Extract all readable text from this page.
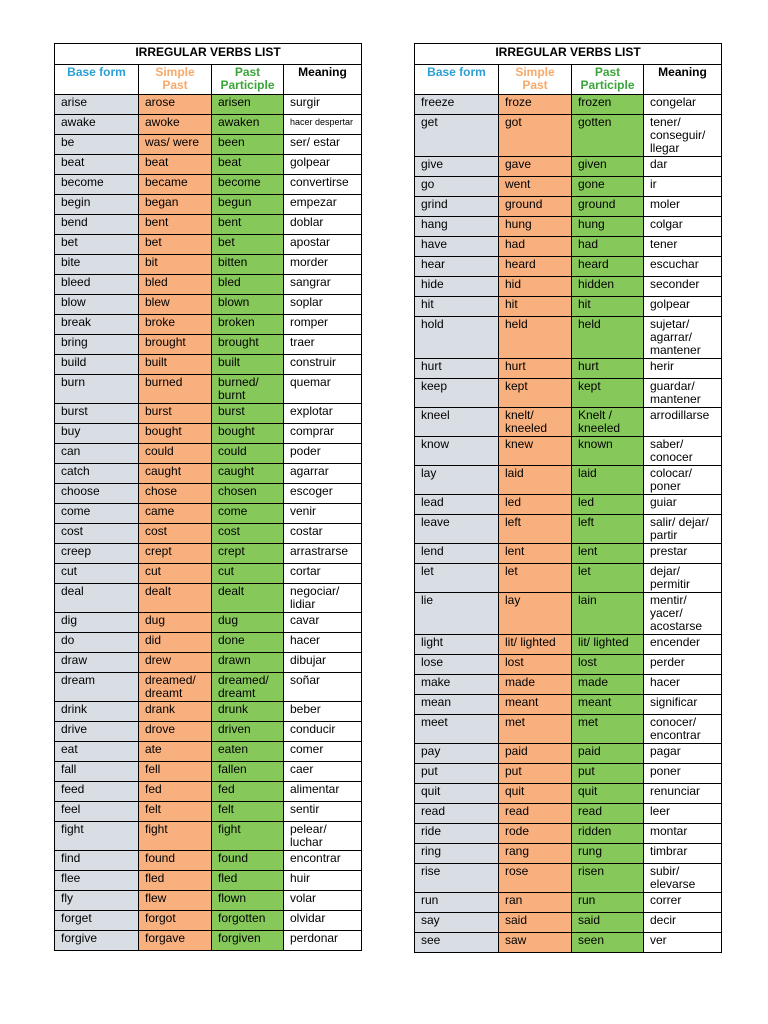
IRREGULAR VERBS LIST			
Base form	Simple Past	Past Participle	Meaning
arise	arose	arisen	surgir
awake	awoke	awaken	hacer despertar
be	was/ were	been	ser/ estar
beat	beat	beat	golpear
become	became	become	convertirse
begin	began	begun	empezar
bend	bent	bent	doblar
bet	bet	bet	apostar
bite	bit	bitten	morder
bleed	bled	bled	sangrar
blow	blew	blown	soplar
break	broke	broken	romper
bring	brought	brought	traer
build	built	built	construir
burn	burned	burned/ burnt	quemar
burst	burst	burst	explotar
buy	bought	bought	comprar
can	could	could	poder
catch	caught	caught	agarrar
choose	chose	chosen	escoger
come	came	come	venir
cost	cost	cost	costar
creep	crept	crept	arrastrarse
cut	cut	cut	cortar
deal	dealt	dealt	negociar/ lidiar
dig	dug	dug	cavar
do	did	done	hacer
draw	drew	drawn	dibujar
dream	dreamed/ dreamt	dreamed/ dreamt	soñar
drink	drank	drunk	beber
drive	drove	driven	conducir
eat	ate	eaten	comer
fall	fell	fallen	caer
feed	fed	fed	alimentar
feel	felt	felt	sentir
fight	fight	fight	pelear/ luchar
find	found	found	encontrar
flee	fled	fled	huir
fly	flew	flown	volar
forget	forgot	forgotten	olvidar
forgive	forgave	forgiven	perdonar
IRREGULAR VERBS LIST			
Base form	Simple Past	Past Participle	Meaning
freeze	froze	frozen	congelar
get	got	gotten	tener/ conseguir/ llegar
give	gave	given	dar
go	went	gone	ir
grind	ground	ground	moler
hang	hung	hung	colgar
have	had	had	tener
hear	heard	heard	escuchar
hide	hid	hidden	seconder
hit	hit	hit	golpear
hold	held	held	sujetar/ agarrar/ mantener
hurt	hurt	hurt	herir
keep	kept	kept	guardar/ mantener
kneel	knelt/ kneeled	Knelt / kneeled	arrodillarse
know	knew	known	saber/ conocer
lay	laid	laid	colocar/ poner
lead	led	led	guiar
leave	left	left	salir/ dejar/ partir
lend	lent	lent	prestar
let	let	let	dejar/ permitir
lie	lay	lain	mentir/ yacer/ acostarse
light	lit/ lighted	lit/ lighted	encender
lose	lost	lost	perder
make	made	made	hacer
mean	meant	meant	significar
meet	met	met	conocer/ encontrar
pay	paid	paid	pagar
put	put	put	poner
quit	quit	quit	renunciar
read	read	read	leer
ride	rode	ridden	montar
ring	rang	rung	timbrar
rise	rose	risen	subir/ elevarse
run	ran	run	correr
say	said	said	decir
see	saw	seen	ver
